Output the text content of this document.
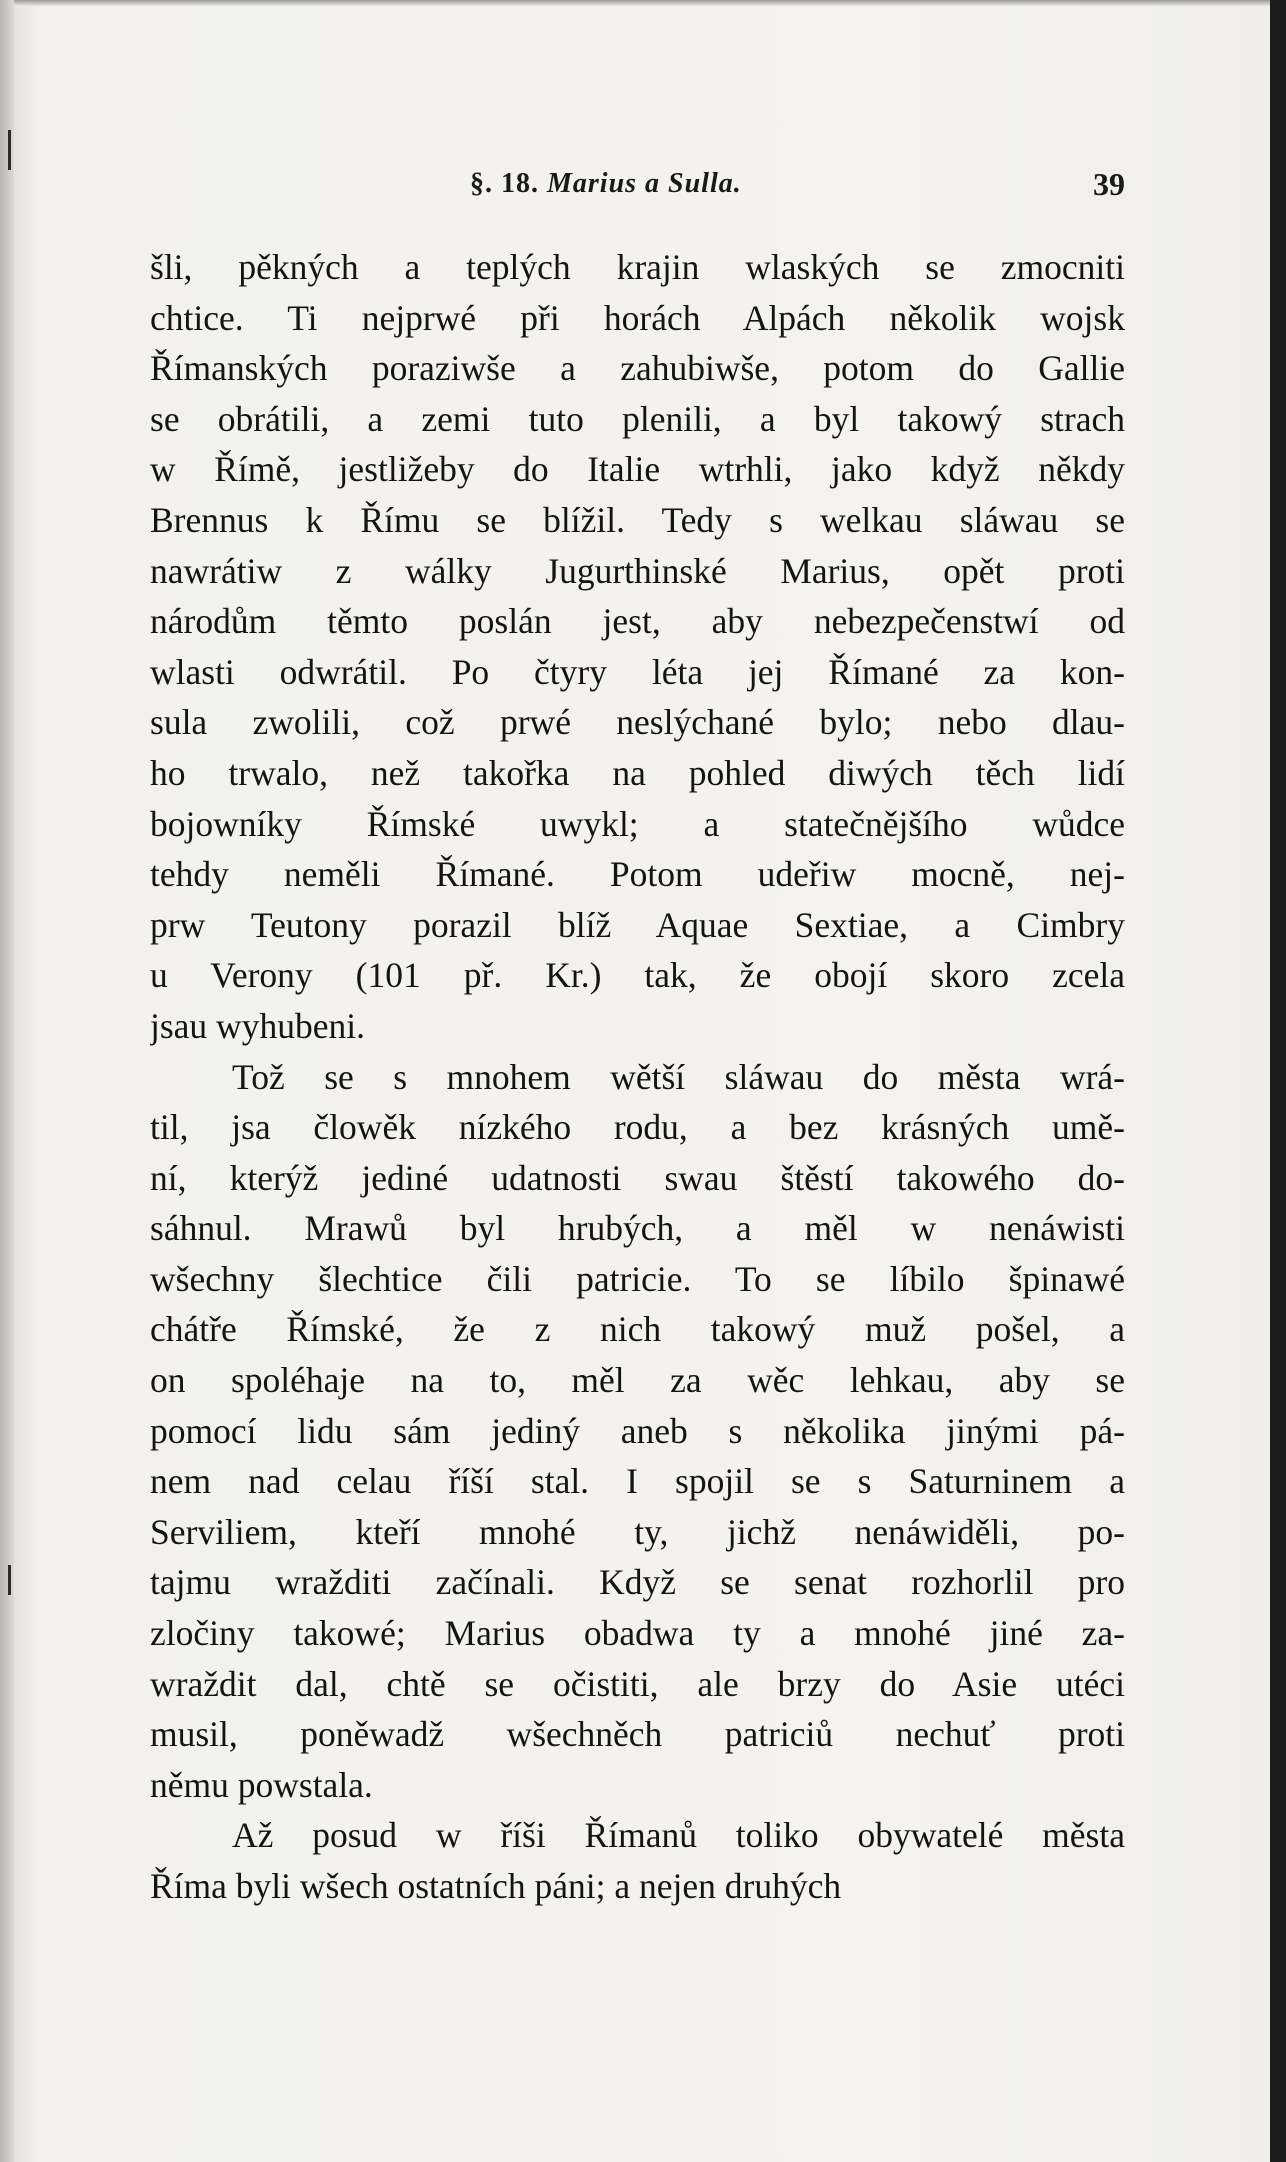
§. 18. Marius a Sulla.	39
šli, pěkných a teplých krajin wlaských se zmocniti
chtice. Ti nejprwé při horách Alpách několik wojsk
Římanských poraziwše a zahubiwše, potom do Gallie
se obrátili, a zemi tuto plenili, a byl takowý strach
w Římě, jestližeby do Italie wtrhli, jako když někdy
Brennus k Římu se blížil. Tedy s welkau sláwau se
nawrátiw z wálky Jugurthinské Marius, opět proti
národům těmto poslán jest, aby nebezpečenstwí od
wlasti odwrátil. Po čtyry léta jej Římané za kon-
sula zwolili, což prwé neslýchané bylo; nebo dlau-
ho trwalo, než takořka na pohled diwých těch lidí
bojowníky Římské uwykl; a statečnějšího wůdce
tehdy neměli Římané. Potom udeřiw mocně, nej-
prw Teutony porazil blíž Aquae Sextiae, a Cimbry
u Verony (101 př. Kr.) tak, že obojí skoro zcela
jsau wyhubeni.
Tož se s mnohem wětší sláwau do města wrá-
til, jsa člowěk nízkého rodu, a bez krásných umě-
ní, kterýž jediné udatnosti swau štěstí takowého do-
sáhnul. Mrawů byl hrubých, a měl w nenáwisti
wšechny šlechtice čili patricie. To se líbilo špinawé
chátře Římské, že z nich takowý muž pošel, a
on spoléhaje na to, měl za wěc lehkau, aby se
pomocí lidu sám jediný aneb s několika jinými pá-
nem nad celau říší stal. I spojil se s Saturninem a
Serviliem, kteří mnohé ty, jichž nenáwiděli, po-
tajmu wražditi začínali. Když se senat rozhorlil pro
zločiny takowé; Marius obadwa ty a mnohé jiné za-
wraždit dal, chtě se očistiti, ale brzy do Asie utéci
musil, poněwadž wšechněch patriciů nechuť proti
němu powstala.
Až posud w říši Římanů toliko obywatelé města
Říma byli wšech ostatních páni; a nejen druhých
